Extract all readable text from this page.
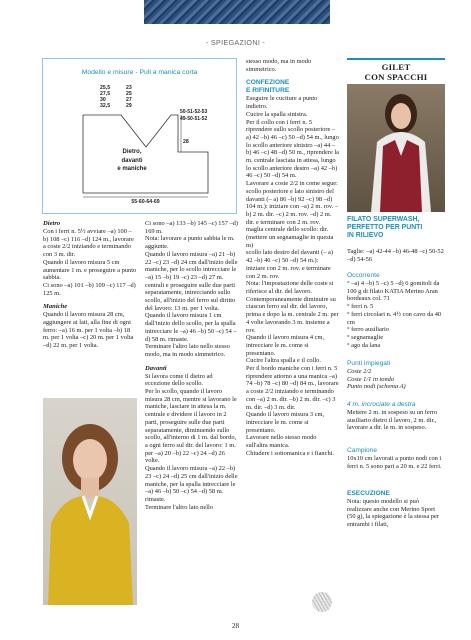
- SPIEGAZIONI -
Modello e misure - Pull a manica corta
25,5
27,5
30
32,5
23
25
27
29
50-51-52-53
49-50-51-52
28
Dietro,
davanti
e maniche
55-60-64-69
Dietro
Con i ferri n. 5½ avviare –a) 100 –b) 108 –c) 116 –d) 124 m., lavorare a coste 2/2 iniziando e terminando con 3 m. dir.
Quando il lavoro misura 5 cm aumentare 1 m. e proseguire a punto sabbia.
Ci sono –a) 101 –b) 109 –c) 117 –d) 125 m.
Maniche
Quando il lavoro misura 28 cm, aggiungere ai lati, alla fine di ogni ferro: –a) 16 m. per 1 volta –b) 18 m. per 1 volta –c) 20 m. per 1 volta –d) 22 m. per 1 volta.
Ci sono –a) 133 –b) 145 –c) 157 –d) 169 m.
Nota: lavorare a punto sabbia le m. aggiunte.
Quando il lavoro misura –a) 21 –b) 22 –c) 23 –d) 24 cm dall'inizio delle maniche, per lo scollo intrecciare le –a) 15 –b) 19 –c) 23 –d) 27 m. centrali e proseguire sulle due parti separatamente, intrecciando sullo scollo, all'inizio del ferro sul diritto del lavoro: 13 m. per 1 volta.
Quando il lavoro misura 1 cm dall'inizio dello scollo, per la spalla intrecciare le –a) 46 –b) 50 –c) 54 –d) 58 m. rimaste.
Terminare l'altro lato nello stesso modo, ma in modo simmetrico.
Davanti
Si lavora come il dietro ad eccezione dello scollo.
Per lo scollo, quando il lavoro misura 28 cm, mentre si lavorano le maniche, lasciare in attesa la m. centrale e dividere il lavoro in 2 parti, proseguire sulle due parti separatamente, diminuendo sullo scollo, all'interno di 1 m. dal bordo, a ogni ferro sul dir. del lavoro: 1 m. per –a) 20 –b) 22 –c) 24 –d) 26 volte.
Quando il lavoro misura –a) 22 –b) 23 –c) 24 –d) 25 cm dall'inizio delle maniche, per la spalla intrecciare le –a) 46 –b) 50 –c) 54 –d) 58 m. rimaste.
Terminare l'altro lato nello
stesso modo, ma in modo simmetrico.
CONFEZIONE
E RIFINITURE
Eseguire le cuciture a punto indietro.
Cucire la spalla sinistra.
Per il collo con i ferri n. 5 riprendere sullo scollo posteriore –a) 42 –b) 46 –c) 50 –d) 54 m., lungo lo scollo anteriore sinistro –a) 44 –b) 46 –c) 48 –d) 50 m., riprendere la m. centrale lasciata in attesa, lungo lo scollo anteriore destro –a) 42 –b) 46 –c) 50 –d) 54 m.
Lavorare a coste 2/2 in come segue:
scollo posteriore e lato sinistro del davanti (– a) 86 –b) 92 –c) 98 –d) 104 m.): iniziare con –a) 2 m. rov. –b) 2 m. dir. –c) 2 m. rov. –d) 2 m. dir. e terminare con 2 m. rov.
maglia centrale dello scollo: dir. (mettere un segnamaglie in questa m)
scollo lato destro del davanti (– a) 42 –b) 46 –c) 50 –d) 54 m.): iniziare con 2 m. rov. e terminare con 2 m. rov.
Nota: l'impostazione delle coste si riferisce al dir. del lavoro.
Contemporaneamente diminuire su ciascun ferro sul dir. del lavoro, prima e dopo la m. centrale 2 m. per 4 volte lavorando 3 m. insieme a rov.
Quando il lavoro misura 4 cm, intrecciare le m. come si presentano.
Cucire l'altra spalla e il collo.
Per il bordo maniche con i ferri n. 5 riprendere attorno a una manica –a) 74 –b) 78 –c) 80 –d) 84 m., lavorare a coste 2/2 iniziando e terminando con –a) 2 m. dir. –b) 2 m. dir. –c) 3 m. dir. –d) 3 m. dir.
Quando il lavoro misura 3 cm, intrecciare le m. come si presentano.
Lavorare nello stesso modo sull'altra manica.
Chiudere i sottomanica e i fianchi.
GILET
CON SPACCHI
FILATO SUPERWASH,
PERFETTO PER PUNTI
IN RILIEVO
Taglie: –a) 42-44 –b) 46-48 –c) 50-52 –d) 54-56
Occorrente
° –a) 4 –b) 5 –c) 5 –d) 6 gomitoli da 100 g di filato KATIA Merino Aran bordeaux col. 71
° ferri n. 5
° ferri circolari n. 4½ con cavo da 40 cm
° ferro ausiliario
° segnamaglie
° ago da lana
Punti impiegati
Coste 2/2
Coste 1/1 in tondo
Punto nodi (schema A)
4 m. incrociate a destra
Mettere 2 m. in sospeso su un ferro ausiliario dietro il lavoro, 2 m. dir., lavorare a dir. le m. in sospeso.
Campione
10x10 cm lavorati a punto nodi con i ferri n. 5 sono pari a 20 m. e 22 ferri.
ESECUZIONE
Nota: questo modello si può realizzare anche con Merino Sport (50 g), la spiegazione è la stessa per entrambi i filati,
28
